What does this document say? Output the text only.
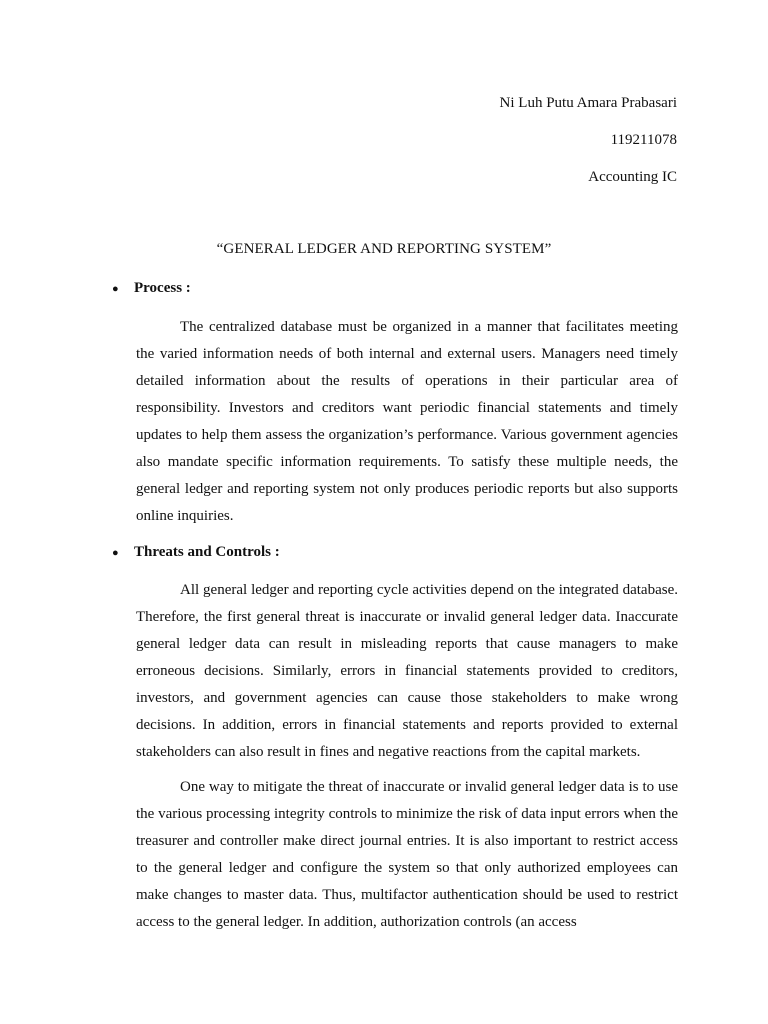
Ni Luh Putu Amara Prabasari
119211078
Accounting IC
“GENERAL LEDGER AND REPORTING SYSTEM”
● Process :

The centralized database must be organized in a manner that facilitates meeting the varied information needs of both internal and external users. Managers need timely detailed information about the results of operations in their particular area of responsibility. Investors and creditors want periodic financial statements and timely updates to help them assess the organization’s performance. Various government agencies also mandate specific information requirements. To satisfy these multiple needs, the general ledger and reporting system not only produces periodic reports but also supports online inquiries.

● Threats and Controls :

All general ledger and reporting cycle activities depend on the integrated database. Therefore, the first general threat is inaccurate or invalid general ledger data. Inaccurate general ledger data can result in misleading reports that cause managers to make erroneous decisions. Similarly, errors in financial statements provided to creditors, investors, and government agencies can cause those stakeholders to make wrong decisions. In addition, errors in financial statements and reports provided to external stakeholders can also result in fines and negative reactions from the capital markets.

One way to mitigate the threat of inaccurate or invalid general ledger data is to use the various processing integrity controls to minimize the risk of data input errors when the treasurer and controller make direct journal entries. It is also important to restrict access to the general ledger and configure the system so that only authorized employees can make changes to master data. Thus, multifactor authentication should be used to restrict access to the general ledger. In addition, authorization controls (an access
